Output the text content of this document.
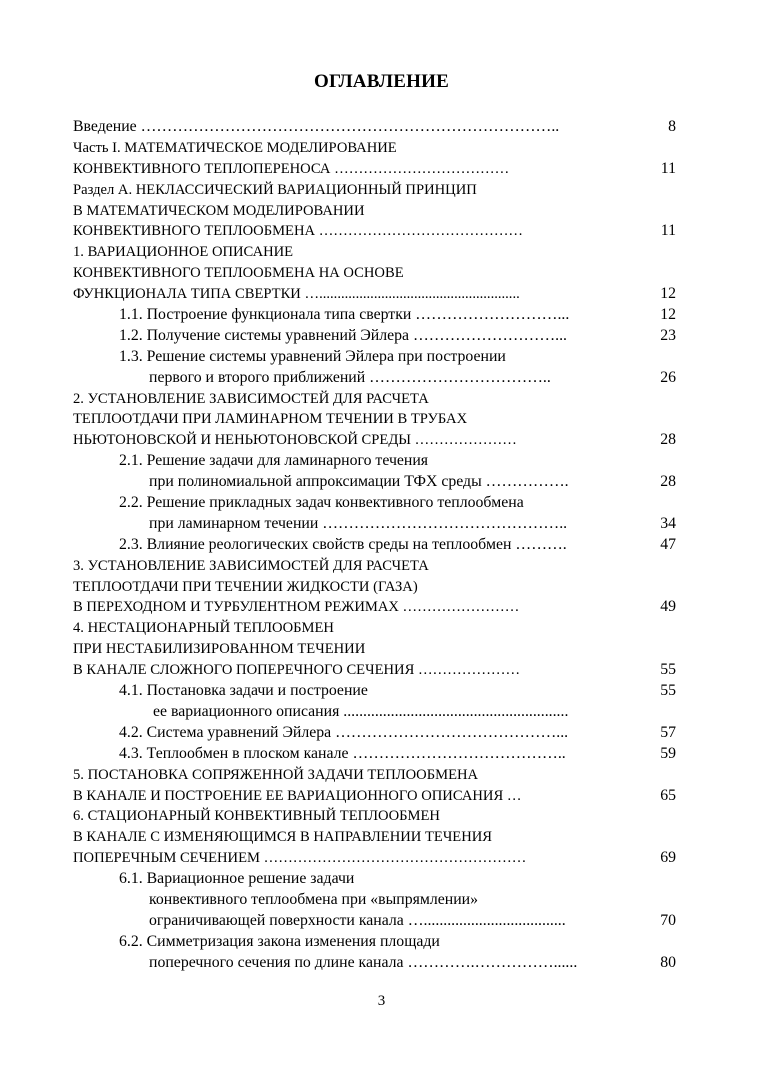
ОГЛАВЛЕНИЕ
Введение ……………………………………………………………………..	8
Часть I. МАТЕМАТИЧЕСКОЕ МОДЕЛИРОВАНИЕ
КОНВЕКТИВНОГО ТЕПЛОПЕРЕНОСА ………………………………	11
Раздел А. НЕКЛАССИЧЕСКИЙ ВАРИАЦИОННЫЙ ПРИНЦИП
В МАТЕМАТИЧЕСКОМ МОДЕЛИРОВАНИИ
КОНВЕКТИВНОГО ТЕПЛООБМЕНА ……………………………………	11
1. ВАРИАЦИОННОЕ ОПИСАНИЕ
КОНВЕКТИВНОГО ТЕПЛООБМЕНА НА ОСНОВЕ
ФУНКЦИОНАЛА ТИПА СВЕРТКИ ….......................................................	12
1.1. Построение функционала типа свертки ………………………...	12
1.2. Получение системы уравнений Эйлера ………………………...	23
1.3. Решение системы уравнений Эйлера при построении
первого и второго приближений ……………………………..	26
2. УСТАНОВЛЕНИЕ ЗАВИСИМОСТЕЙ ДЛЯ РАСЧЕТА
ТЕПЛООТДАЧИ ПРИ ЛАМИНАРНОМ ТЕЧЕНИИ В ТРУБАХ
НЬЮТОНОВСКОЙ И НЕНЬЮТОНОВСКОЙ СРЕДЫ …………………	28
2.1. Решение задачи для ламинарного течения
при полиномиальной аппроксимации ТФХ среды …………….	28
2.2. Решение прикладных задач конвективного теплообмена
при ламинарном течении ………………………………………..	34
2.3. Влияние реологических свойств среды на теплообмен ……….	47
3. УСТАНОВЛЕНИЕ ЗАВИСИМОСТЕЙ ДЛЯ РАСЧЕТА
ТЕПЛООТДАЧИ ПРИ ТЕЧЕНИИ ЖИДКОСТИ (ГАЗА)
В ПЕРЕХОДНОМ И ТУРБУЛЕНТНОМ РЕЖИМАХ ……………………	49
4. НЕСТАЦИОНАРНЫЙ ТЕПЛООБМЕН
ПРИ НЕСТАБИЛИЗИРОВАННОМ ТЕЧЕНИИ
В КАНАЛЕ СЛОЖНОГО ПОПЕРЕЧНОГО СЕЧЕНИЯ …………………	55
4.1. Постановка задачи и построение	55
ее вариационного описания .........................................................
4.2. Система уравнений Эйлера ……………………………………...	57
4.3. Теплообмен в плоском канале …………………………………..	59
5. ПОСТАНОВКА СОПРЯЖЕННОЙ ЗАДАЧИ ТЕПЛООБМЕНА
В КАНАЛЕ И ПОСТРОЕНИЕ ЕЕ ВАРИАЦИОННОГО ОПИСАНИЯ …	65
6. СТАЦИОНАРНЫЙ КОНВЕКТИВНЫЙ ТЕПЛООБМЕН
В КАНАЛЕ С ИЗМЕНЯЮЩИМСЯ В НАПРАВЛЕНИИ ТЕЧЕНИЯ
ПОПЕРЕЧНЫМ СЕЧЕНИЕМ ………………………………………………	69
6.1. Вариационное решение задачи
конвективного теплообмена при «выпрямлении»
ограничивающей поверхности канала …....................................	70
6.2. Симметризация закона изменения площади
поперечного сечения по длине канала ………….……………......	80
3
